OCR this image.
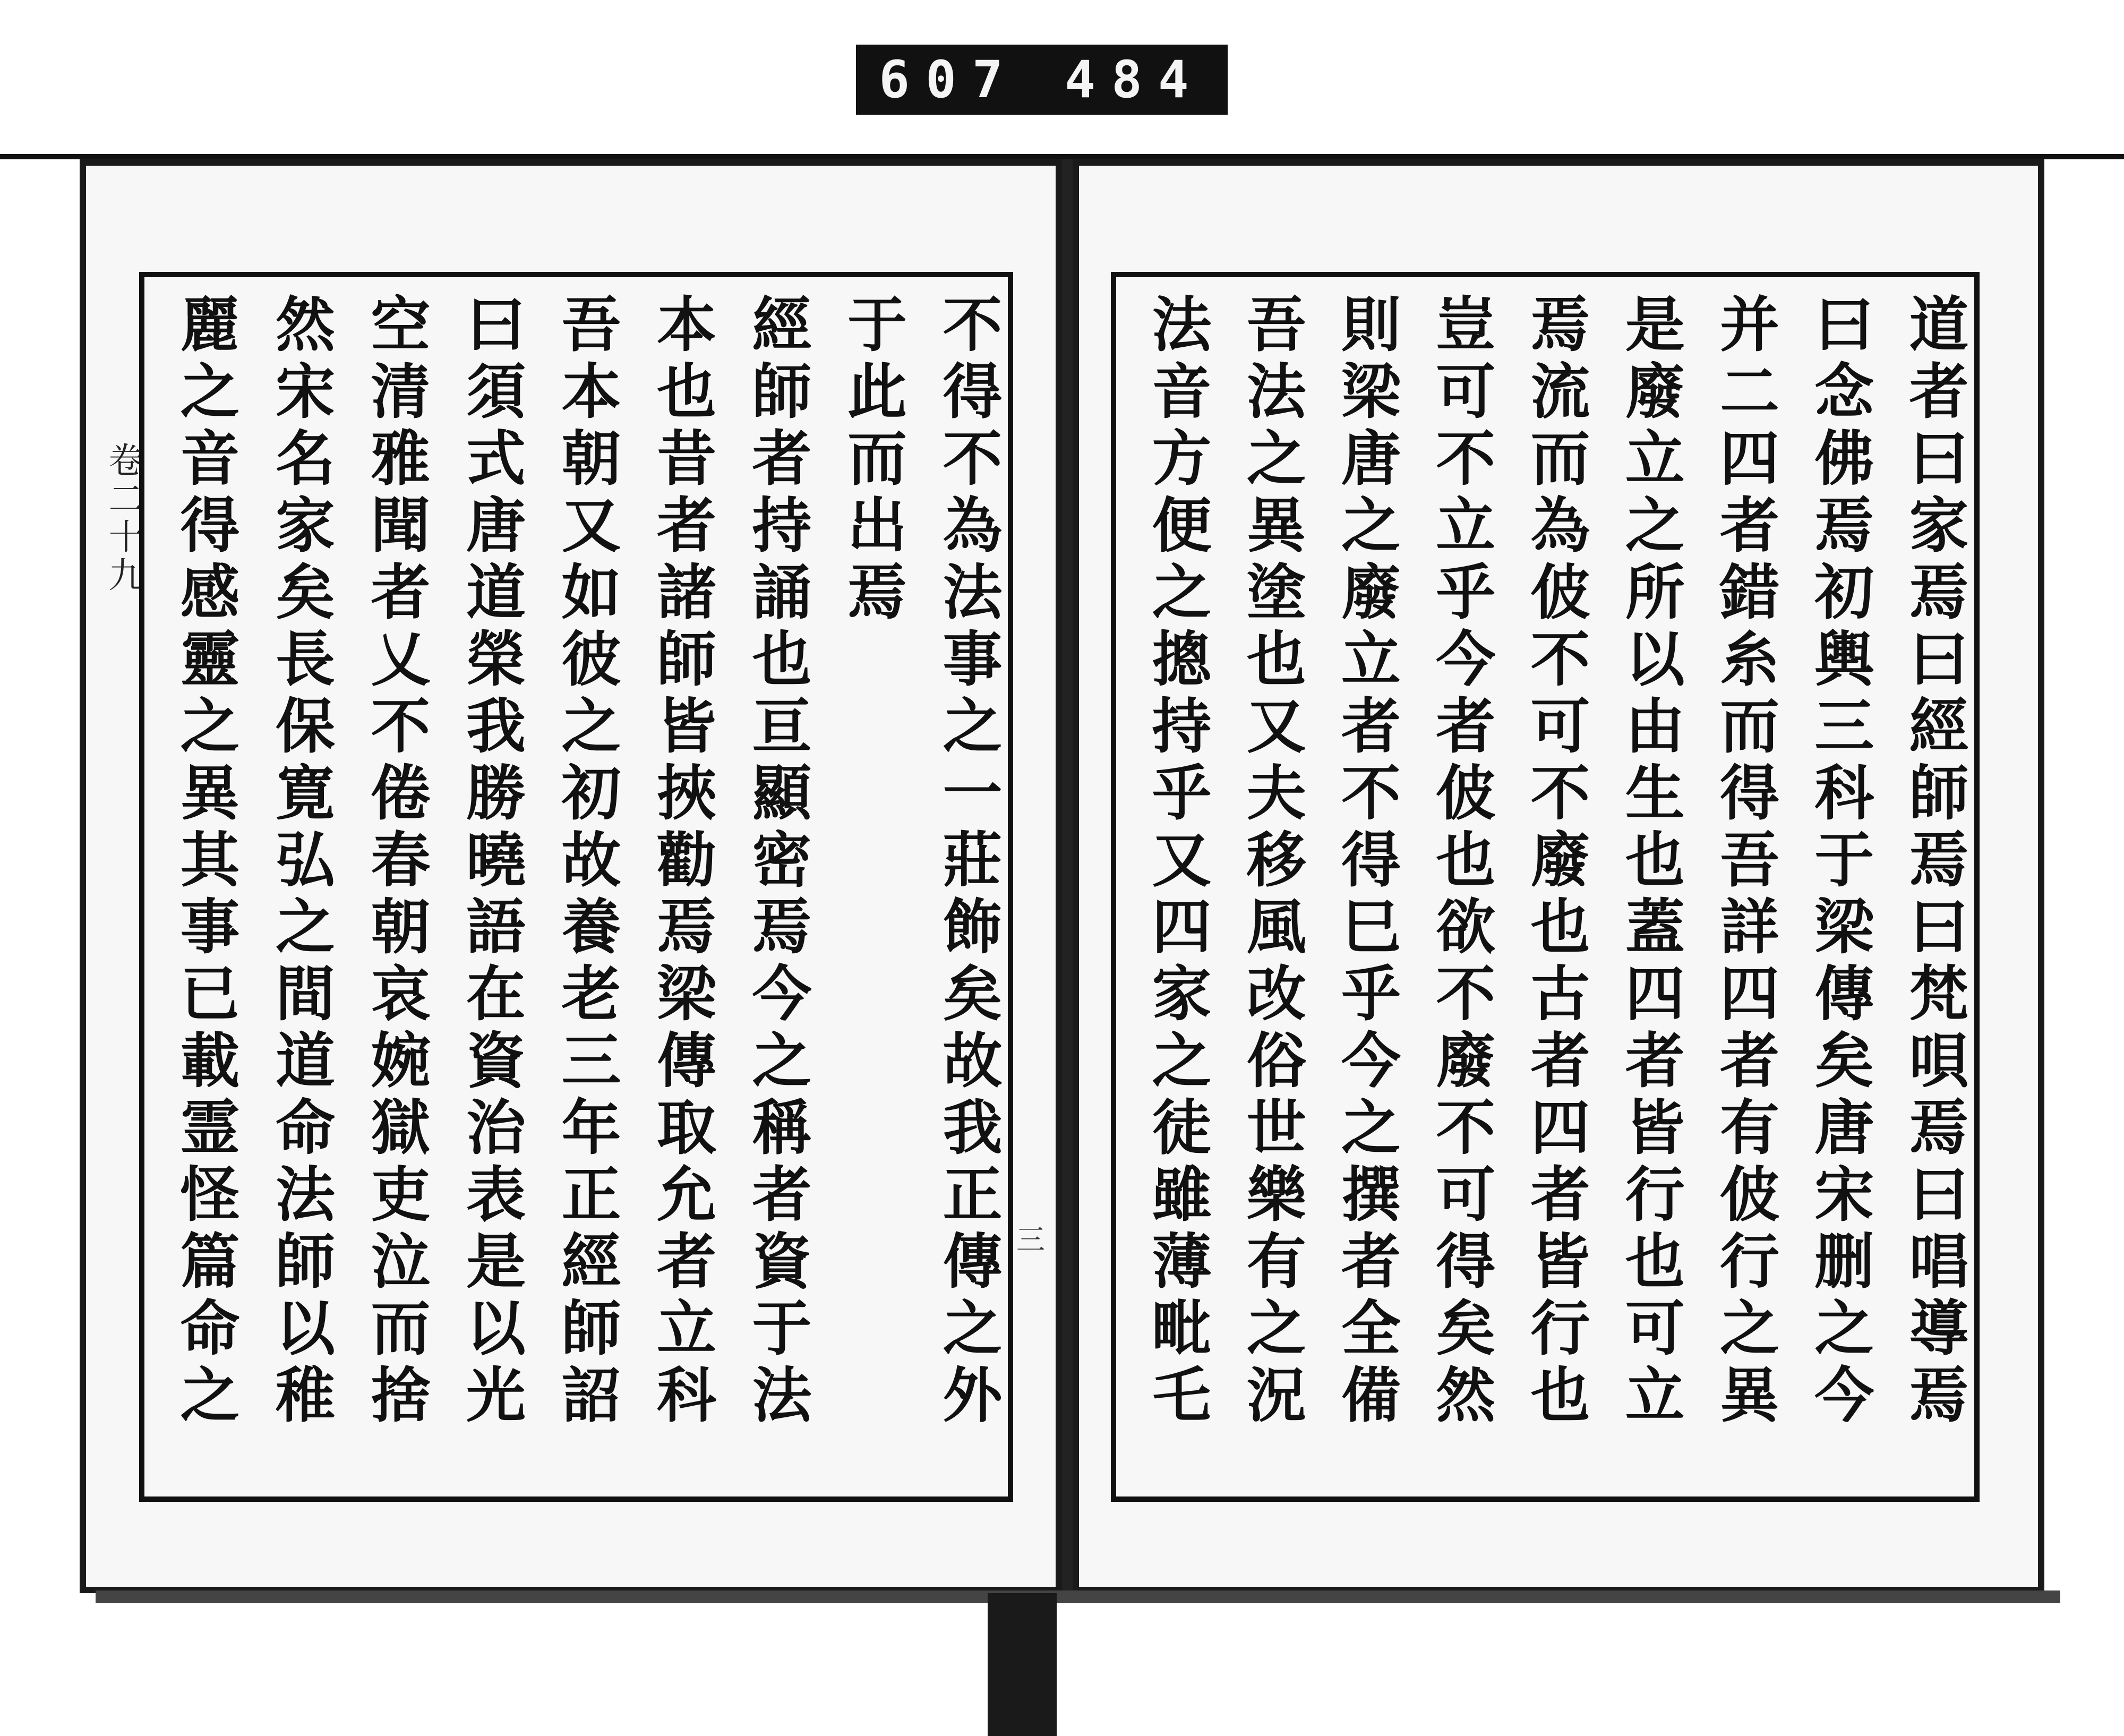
607 484
卷二十九	不得不為法事之一莊飾矣故我正傳之外
于此而出焉
經師者持誦也亘顯密焉今之稱者資于法
本也昔者諸師皆挾勸焉梁傳取允者立科
吾本朝又如彼之初故養老三年正經師詔
曰須式唐道榮我勝曉語在資治表是以光
空清雅聞者乂不倦春朝哀婉獄吏泣而捨
然宋名家矣長保寛弘之間道命法師以稚
麗之音得感靈之異其事已載霊怪篇命之	三	道者曰家焉曰經師焉曰梵唄焉曰唱導焉
曰念佛焉初輿三科于梁傳矣唐宋删之今
并二四者錯糸而得吾詳四者有佊行之異
是廢立之所以由生也蓋四者皆行也可立
焉流而為佊不可不廢也古者四者皆行也
豈可不立乎今者佊也欲不廢不可得矣然
則梁唐之廢立者不得巳乎今之撰者全備
吾法之異塗也又夫移風改俗世樂有之況
法音方便之摠持乎又四家之徒雖薄毗乇
